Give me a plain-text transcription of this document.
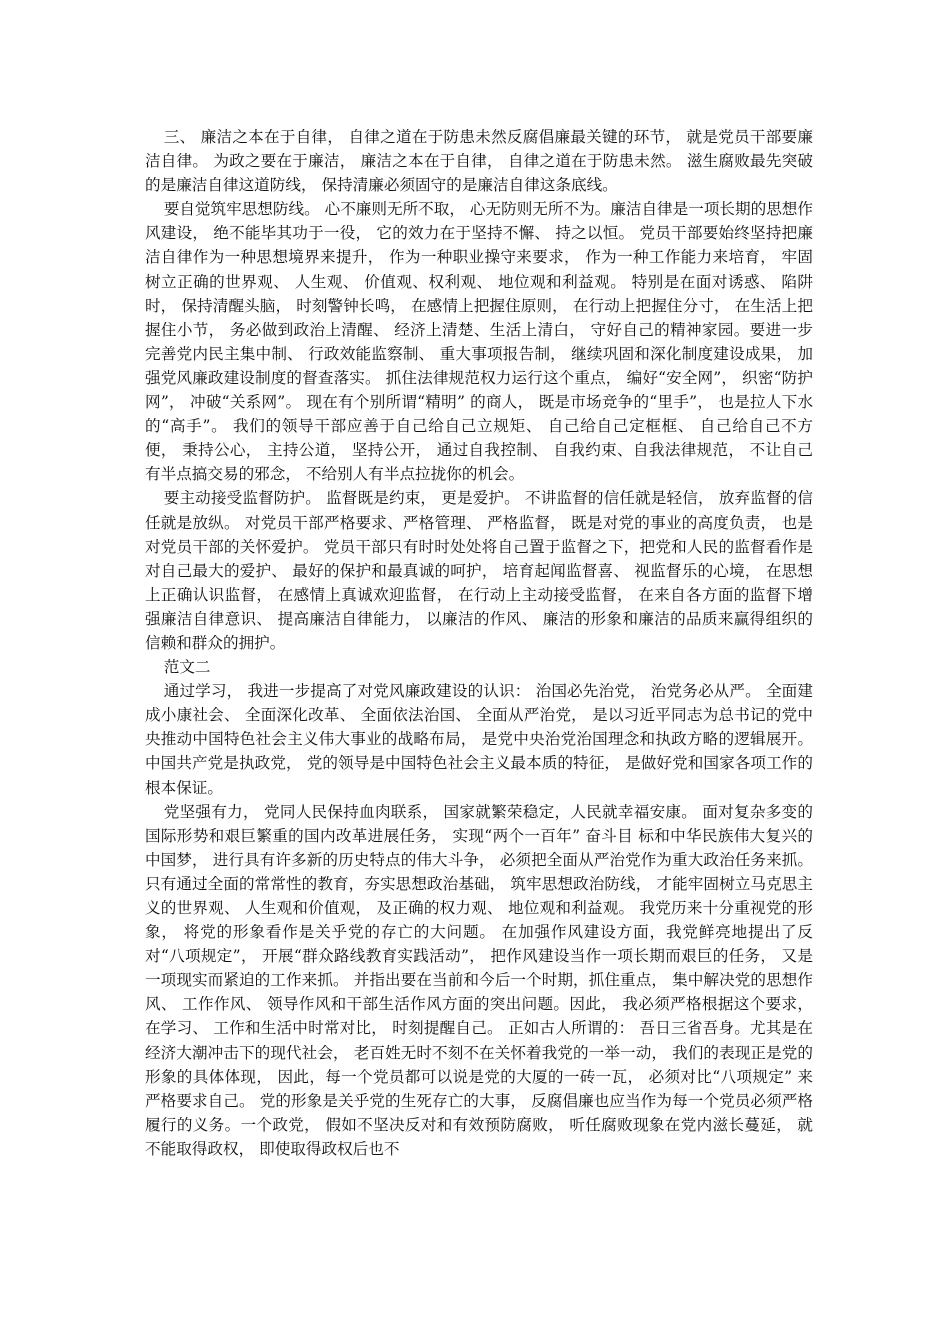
三、 廉洁之本在于自律， 自律之道在于防患未然反腐倡廉最关键的环节， 就是党员干部要廉洁自律。 为政之要在于廉洁， 廉洁之本在于自律， 自律之道在于防患未然。 滋生腐败最先突破的是廉洁自律这道防线， 保持清廉必须固守的是廉洁自律这条底线。

要自觉筑牢思想防线。 心不廉则无所不取， 心无防则无所不为。廉洁自律是一项长期的思想作风建设， 绝不能毕其功于一役， 它的效力在于坚持不懈、 持之以恒。 党员干部要始终坚持把廉洁自律作为一种思想境界来提升， 作为一种职业操守来要求， 作为一种工作能力来培育， 牢固树立正确的世界观、 人生观、 价值观、权利观、 地位观和利益观。 特别是在面对诱惑、 陷阱时， 保持清醒头脑， 时刻警钟长鸣， 在感情上把握住原则， 在行动上把握住分寸， 在生活上把握住小节， 务必做到政治上清醒、 经济上清楚、生活上清白， 守好自己的精神家园。要进一步完善党内民主集中制、 行政效能监察制、 重大事项报告制， 继续巩固和深化制度建设成果， 加强党风廉政建设制度的督查落实。 抓住法律规范权力运行这个重点， 编好“安全网”， 织密“防护网”， 冲破“关系网”。 现在有个别所谓“精明” 的商人， 既是市场竞争的“里手”， 也是拉人下水的“高手”。 我们的领导干部应善于自己给自己立规矩、 自己给自己定框框、 自己给自己不方便， 秉持公心， 主持公道， 坚持公开， 通过自我控制、 自我约束、自我法律规范， 不让自己有半点搞交易的邪念， 不给别人有半点拉拢你的机会。

要主动接受监督防护。 监督既是约束， 更是爱护。 不讲监督的信任就是轻信， 放弃监督的信任就是放纵。 对党员干部严格要求、严格管理、 严格监督， 既是对党的事业的高度负责， 也是对党员干部的关怀爱护。 党员干部只有时时处处将自己置于监督之下，把党和人民的监督看作是对自己最大的爱护、 最好的保护和最真诚的呵护， 培育起闻监督喜、 视监督乐的心境， 在思想上正确认识监督， 在感情上真诚欢迎监督， 在行动上主动接受监督， 在来自各方面的监督下增强廉洁自律意识、 提高廉洁自律能力， 以廉洁的作风、 廉洁的形象和廉洁的品质来赢得组织的信赖和群众的拥护。

范文二

通过学习， 我进一步提高了对党风廉政建设的认识： 治国必先治党， 治党务必从严。 全面建成小康社会、 全面深化改革、 全面依法治国、 全面从严治党， 是以习近平同志为总书记的党中央推动中国特色社会主义伟大事业的战略布局， 是党中央治党治国理念和执政方略的逻辑展开。 中国共产党是执政党， 党的领导是中国特色社会主义最本质的特征， 是做好党和国家各项工作的根本保证。

党坚强有力， 党同人民保持血肉联系， 国家就繁荣稳定，人民就幸福安康。 面对复杂多变的国际形势和艰巨繁重的国内改革进展任务， 实现“两个一百年” 奋斗目 标和中华民族伟大复兴的中国梦， 进行具有许多新的历史特点的伟大斗争， 必须把全面从严治党作为重大政治任务来抓。 只有通过全面的常常性的教育，夯实思想政治基础， 筑牢思想政治防线， 才能牢固树立马克思主义的世界观、 人生观和价值观， 及正确的权力观、 地位观和利益观。 我党历来十分重视党的形象， 将党的形象看作是关乎党的存亡的大问题。 在加强作风建设方面，我党鲜亮地提出了反对“八项规定”， 开展“群众路线教育实践活动”， 把作风建设当作一项长期而艰巨的任务， 又是一项现实而紧迫的工作来抓。 并指出要在当前和今后一个时期，抓住重点， 集中解决党的思想作风、 工作作风、 领导作风和干部生活作风方面的突出问题。因此， 我必须严格根据这个要求， 在学习、 工作和生活中时常对比， 时刻提醒自己。 正如古人所谓的： 吾日三省吾身。尤其是在经济大潮冲击下的现代社会， 老百姓无时不刻不在关怀着我党的一举一动， 我们的表现正是党的形象的具体体现， 因此，每一个党员都可以说是党的大厦的一砖一瓦， 必须对比“八项规定” 来严格要求自己。 党的形象是关乎党的生死存亡的大事， 反腐倡廉也应当作为每一个党员必须严格履行的义务。一个政党， 假如不坚决反对和有效预防腐败， 听任腐败现象在党内滋长蔓延， 就不能取得政权， 即使取得政权后也不
